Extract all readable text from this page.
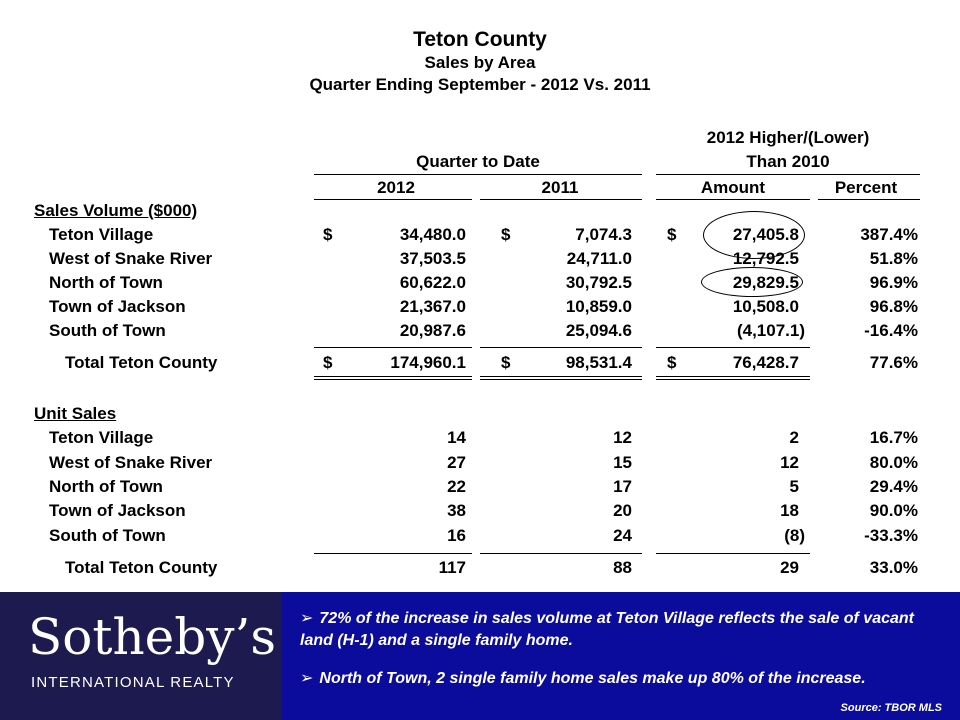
Teton County
Sales by Area
Quarter Ending September - 2012 Vs. 2011
2012 Higher/(Lower)
Quarter to Date	Than 2010
2012	2011	Amount	Percent
Sales Volume ($000)
Teton Village	$	34,480.0 $	7,074.3 $	27,405.8	387.4%
West of Snake River	37,503.5	24,711.0	12,792.5	51.8%
North of Town	60,622.0	30,792.5	29,829.5	96.9%
Town of Jackson	21,367.0	10,859.0	10,508.0	96.8%
South of Town	20,987.6	25,094.6	(4,107.1)	-16.4%
Total Teton County	$	174,960.1 $	98,531.4 $	76,428.7	77.6%
Unit Sales
Teton Village	14	12	2	16.7%
West of Snake River	27	15	12	80.0%
North of Town	22	17	5	29.4%
Town of Jackson	38	20	18	90.0%
South of Town	16	24	(8)	-33.3%
Total Teton County	117	88	29	33.0%
Sotheby’s
INTERNATIONAL REALTY
➢ 72% of the increase in sales volume at Teton Village reflects the sale of vacant land (H-1) and a single family home.
➢ North of Town, 2 single family home sales make up 80% of the increase.
Source: TBOR MLS
